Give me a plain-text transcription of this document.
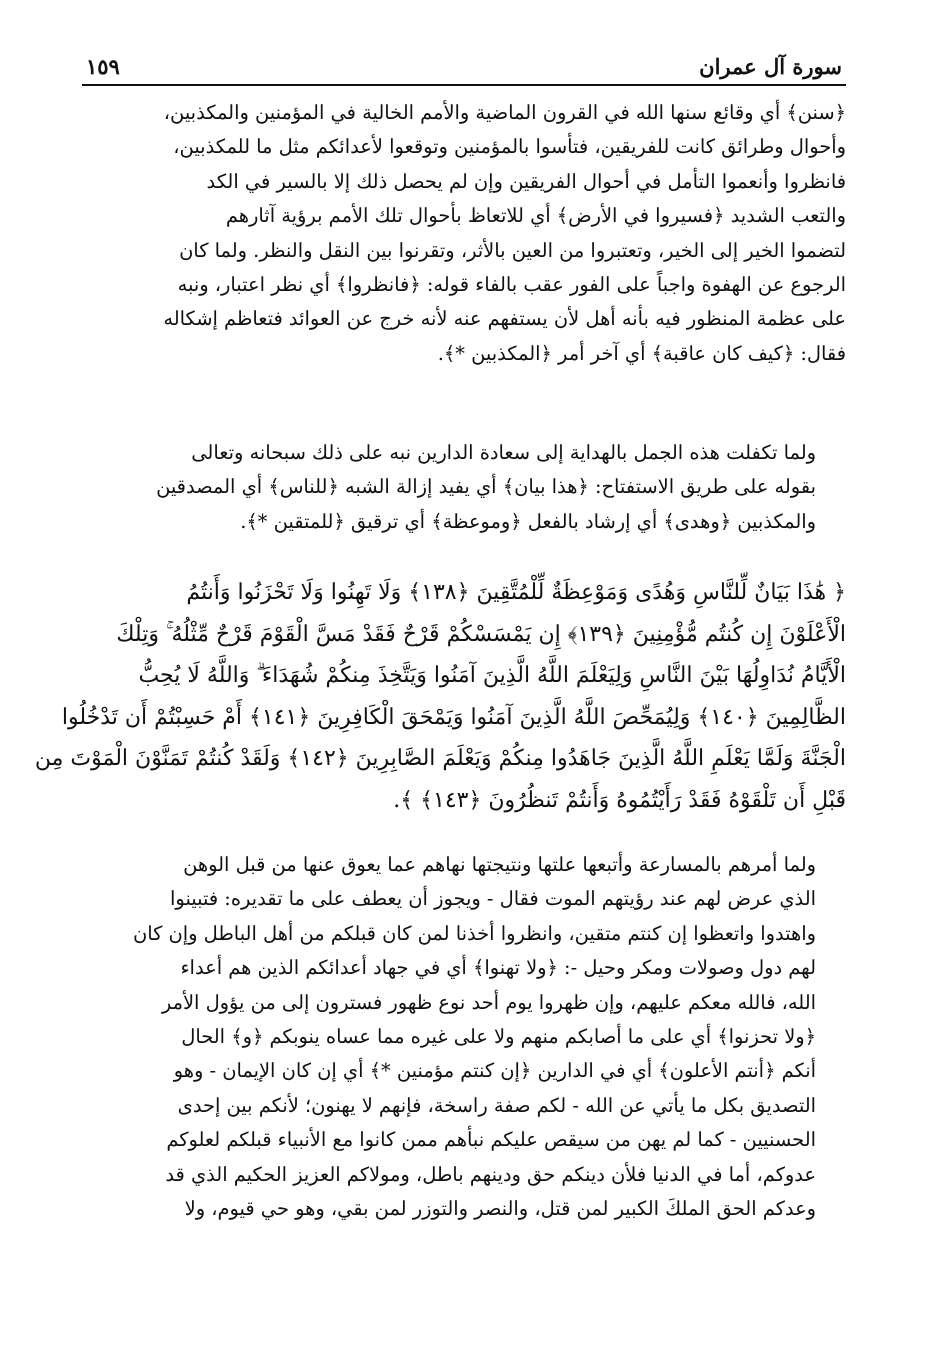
١٥٩	سورة آل عمران
﴿سنن﴾ أي وقائع سنها الله في القرون الماضية والأمم الخالية في المؤمنين والمكذبين،
وأحوال وطرائق كانت للفريقين، فتأسوا بالمؤمنين وتوقعوا لأعدائكم مثل ما للمكذبين،
فانظروا وأنعموا التأمل في أحوال الفريقين وإن لم يحصل ذلك إلا بالسير في الكد
والتعب الشديد ﴿فسيروا في الأرض﴾ أي للاتعاظ بأحوال تلك الأمم برؤية آثارهم
لتضموا الخير إلى الخير، وتعتبروا من العين بالأثر، وتقرنوا بين النقل والنظر. ولما كان
الرجوع عن الهفوة واجباً على الفور عقب بالفاء قوله: ﴿فانظروا﴾ أي نظر اعتبار، ونبه
على عظمة المنظور فيه بأنه أهل لأن يستفهم عنه لأنه خرج عن العوائد فتعاظم إشكاله
فقال: ﴿كيف كان عاقبة﴾ أي آخر أمر ﴿المكذبين *﴾.
ولما تكفلت هذه الجمل بالهداية إلى سعادة الدارين نبه على ذلك سبحانه وتعالى
بقوله على طريق الاستفتاح: ﴿هذا بيان﴾ أي يفيد إزالة الشبه ﴿للناس﴾ أي المصدقين
والمكذبين ﴿وهدى﴾ أي إرشاد بالفعل ﴿وموعظة﴾ أي ترقيق ﴿للمتقين *﴾.
﴿ هَٰذَا بَيَانٌ لِّلنَّاسِ وَهُدًى وَمَوْعِظَةٌ لِّلْمُتَّقِينَ ﴿١٣٨﴾ وَلَا تَهِنُوا وَلَا تَحْزَنُوا وَأَنتُمُ
الْأَعْلَوْنَ إِن كُنتُم مُّؤْمِنِينَ ﴿١٣٩﴾ إِن يَمْسَسْكُمْ قَرْحٌ فَقَدْ مَسَّ الْقَوْمَ قَرْحٌ مِّثْلُهُ ۚ وَتِلْكَ
الْأَيَّامُ نُدَاوِلُهَا بَيْنَ النَّاسِ وَلِيَعْلَمَ اللَّهُ الَّذِينَ آمَنُوا وَيَتَّخِذَ مِنكُمْ شُهَدَاءَ ۗ وَاللَّهُ لَا يُحِبُّ
الظَّالِمِينَ ﴿١٤٠﴾ وَلِيُمَحِّصَ اللَّهُ الَّذِينَ آمَنُوا وَيَمْحَقَ الْكَافِرِينَ ﴿١٤١﴾ أَمْ حَسِبْتُمْ أَن تَدْخُلُوا
الْجَنَّةَ وَلَمَّا يَعْلَمِ اللَّهُ الَّذِينَ جَاهَدُوا مِنكُمْ وَيَعْلَمَ الصَّابِرِينَ ﴿١٤٢﴾ وَلَقَدْ كُنتُمْ تَمَنَّوْنَ الْمَوْتَ مِن
قَبْلِ أَن تَلْقَوْهُ فَقَدْ رَأَيْتُمُوهُ وَأَنتُمْ تَنظُرُونَ ﴿١٤٣﴾ ﴾.
ولما أمرهم بالمسارعة وأتبعها علتها ونتيجتها نهاهم عما يعوق عنها من قبل الوهن
الذي عرض لهم عند رؤيتهم الموت فقال - ويجوز أن يعطف على ما تقديره: فتبينوا
واهتدوا واتعظوا إن كنتم متقين، وانظروا أخذنا لمن كان قبلكم من أهل الباطل وإن كان
لهم دول وصولات ومكر وحيل -: ﴿ولا تهنوا﴾ أي في جهاد أعدائكم الذين هم أعداء
الله، فالله معكم عليهم، وإن ظهروا يوم أحد نوع ظهور فسترون إلى من يؤول الأمر
﴿ولا تحزنوا﴾ أي على ما أصابكم منهم ولا على غيره مما عساه ينوبكم ﴿و﴾ الحال
أنكم ﴿أنتم الأعلون﴾ أي في الدارين ﴿إن كنتم مؤمنين *﴾ أي إن كان الإيمان - وهو
التصديق بكل ما يأتي عن الله - لكم صفة راسخة، فإنهم لا يهنون؛ لأنكم بين إحدى
الحسنيين - كما لم يهن من سيقص عليكم نبأهم ممن كانوا مع الأنبياء قبلكم لعلوكم
عدوكم، أما في الدنيا فلأن دينكم حق ودينهم باطل، ومولاكم العزيز الحكيم الذي قد
وعدكم الحق الملكَ الكبير لمن قتل، والنصر والتوزر لمن بقي، وهو حي قيوم، ولا
